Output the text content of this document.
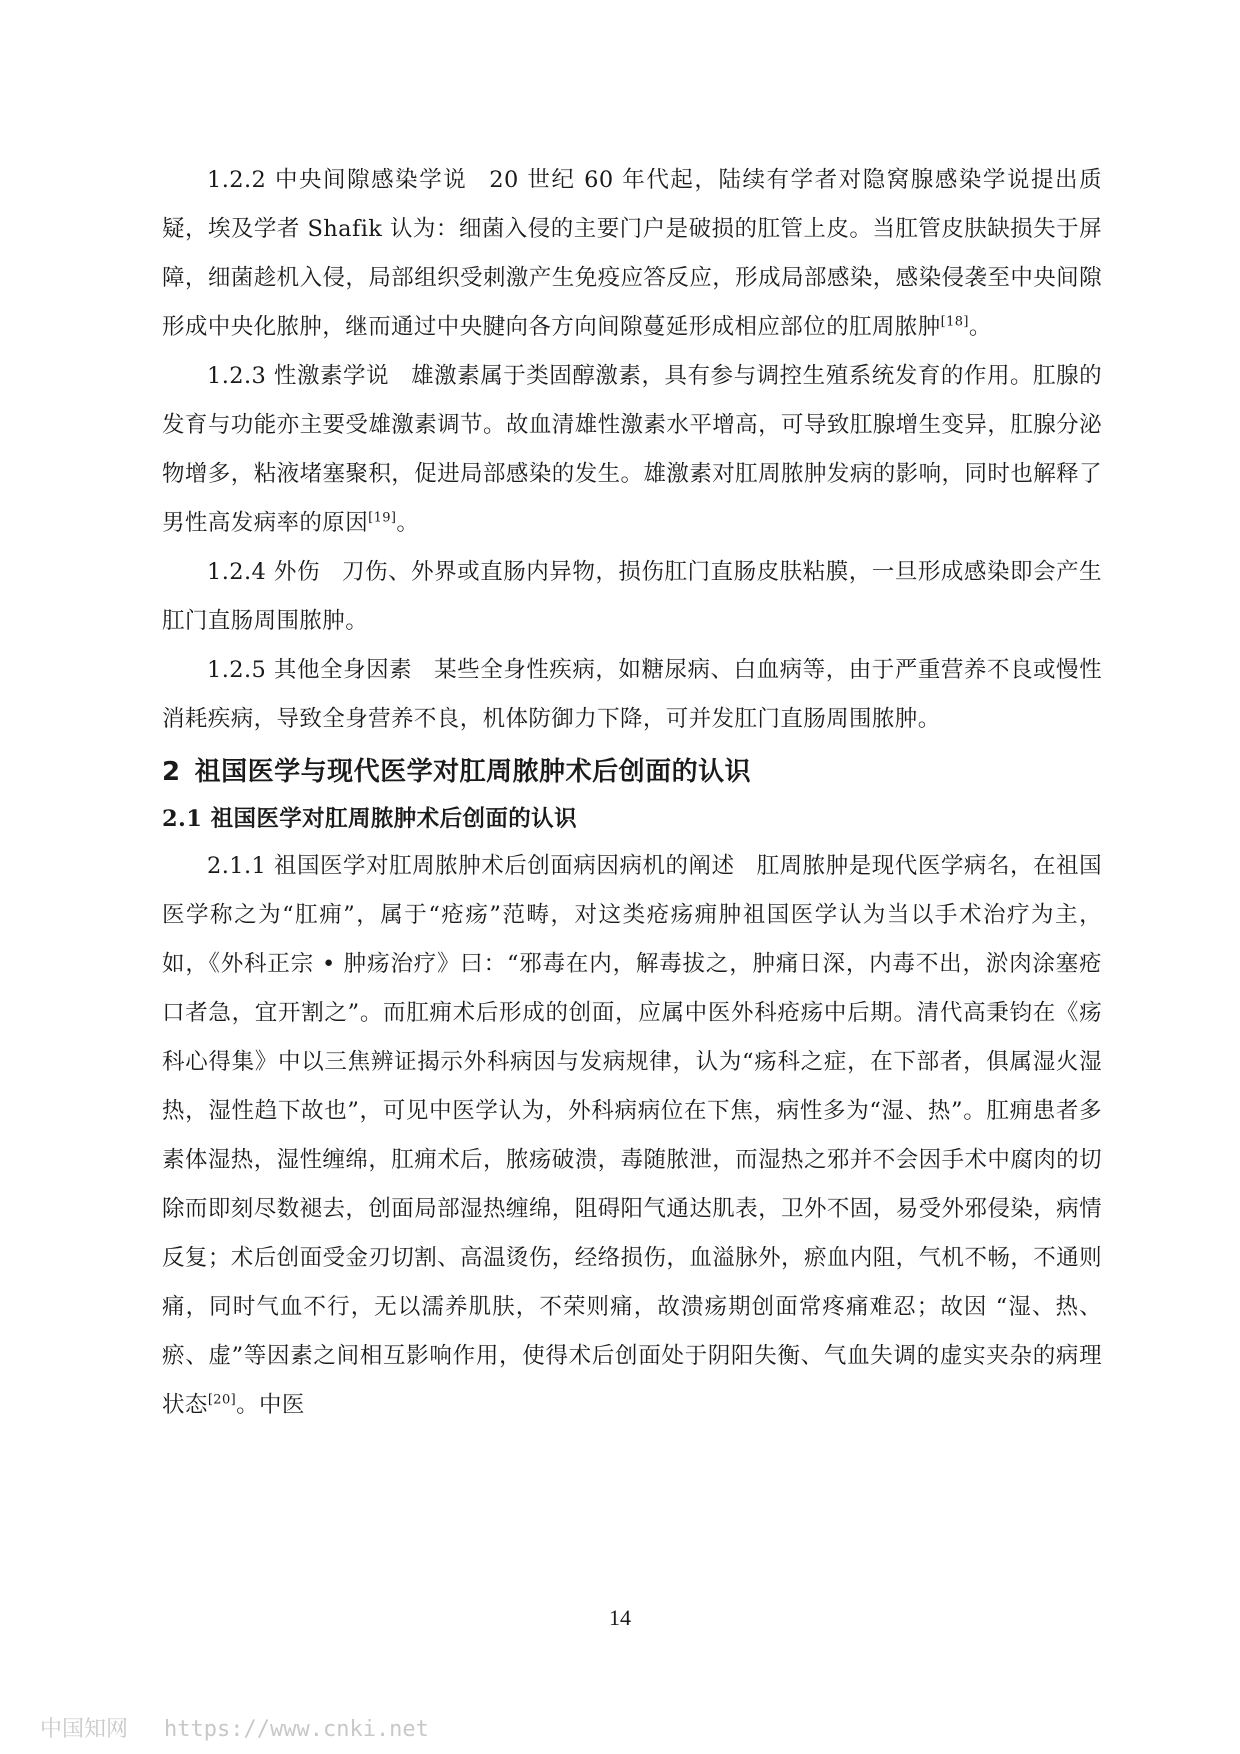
1.2.2 中央间隙感染学说 20 世纪 60 年代起，陆续有学者对隐窝腺感染学说提出质疑，埃及学者 Shafik 认为：细菌入侵的主要门户是破损的肛管上皮。当肛管皮肤缺损失于屏障，细菌趁机入侵，局部组织受刺激产生免疫应答反应，形成局部感染，感染侵袭至中央间隙形成中央化脓肿，继而通过中央腱向各方向间隙蔓延形成相应部位的肛周脓肿[18]。

1.2.3 性激素学说 雄激素属于类固醇激素，具有参与调控生殖系统发育的作用。肛腺的发育与功能亦主要受雄激素调节。故血清雄性激素水平增高，可导致肛腺增生变异，肛腺分泌物增多，粘液堵塞聚积，促进局部感染的发生。雄激素对肛周脓肿发病的影响，同时也解释了男性高发病率的原因[19]。

1.2.4 外伤 刀伤、外界或直肠内异物，损伤肛门直肠皮肤粘膜，一旦形成感染即会产生肛门直肠周围脓肿。

1.2.5 其他全身因素 某些全身性疾病，如糖尿病、白血病等，由于严重营养不良或慢性消耗疾病，导致全身营养不良，机体防御力下降，可并发肛门直肠周围脓肿。

2 祖国医学与现代医学对肛周脓肿术后创面的认识
2.1 祖国医学对肛周脓肿术后创面的认识

2.1.1 祖国医学对肛周脓肿术后创面病因病机的阐述 肛周脓肿是现代医学病名，在祖国医学称之为“肛痈”，属于“疮疡”范畴，对这类疮疡痈肿祖国医学认为当以手术治疗为主，如，《外科正宗 • 肿疡治疗》曰：“邪毒在内，解毒拔之，肿痛日深，内毒不出，淤肉涂塞疮口者急，宜开割之”。而肛痈术后形成的创面，应属中医外科疮疡中后期。清代高秉钧在《疡科心得集》中以三焦辨证揭示外科病因与发病规律，认为“疡科之症，在下部者，俱属湿火湿热，湿性趋下故也”，可见中医学认为，外科病病位在下焦，病性多为“湿、热”。肛痈患者多素体湿热，湿性缠绵，肛痈术后，脓疡破溃，毒随脓泄，而湿热之邪并不会因手术中腐肉的切除而即刻尽数褪去，创面局部湿热缠绵，阻碍阳气通达肌表，卫外不固，易受外邪侵染，病情反复；术后创面受金刃切割、高温烫伤，经络损伤，血溢脉外，瘀血内阻，气机不畅，不通则痛，同时气血不行，无以濡养肌肤，不荣则痛，故溃疡期创面常疼痛难忍；故因 “湿、热、瘀、虚”等因素之间相互影响作用，使得术后创面处于阴阳失衡、气血失调的虚实夹杂的病理状态[20]。中医

14
中国知网 https://www.cnki.net
